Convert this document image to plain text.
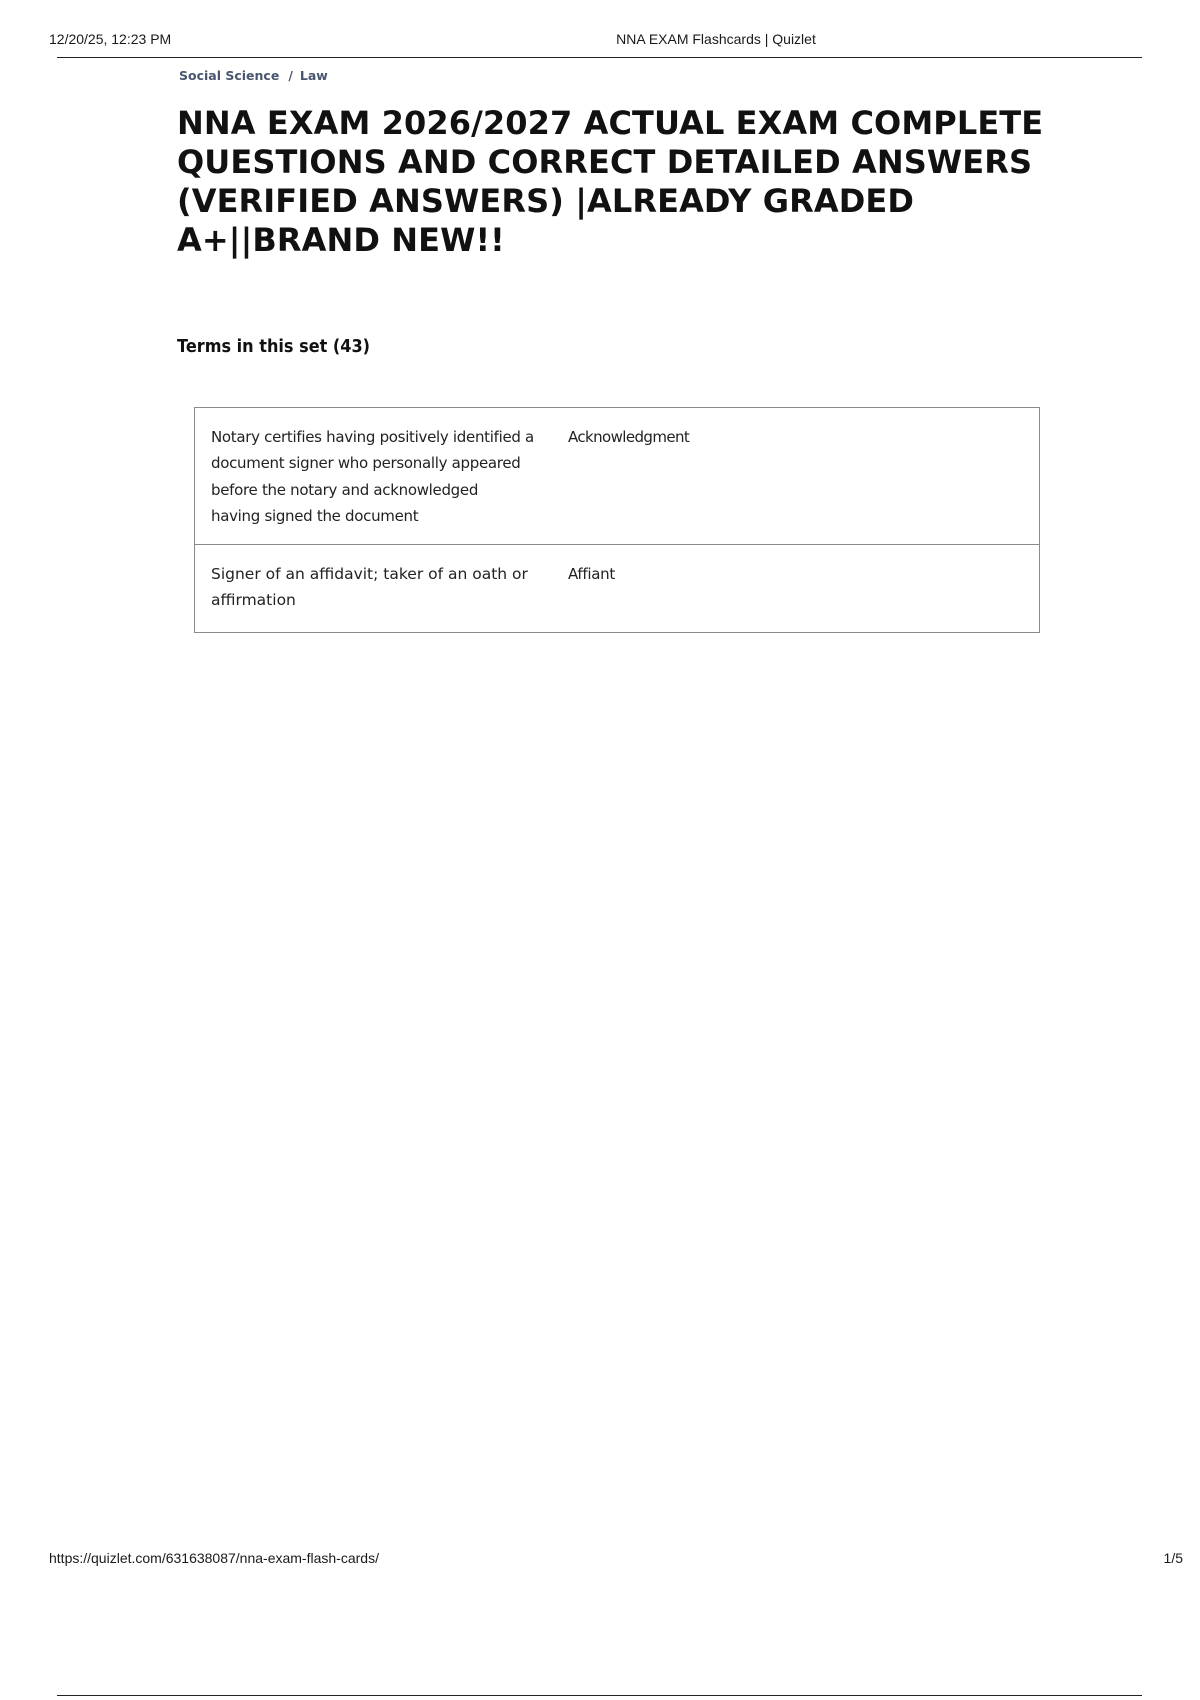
12/20/25, 12:23 PM	NNA EXAM Flashcards | Quizlet
Social Science / Law
NNA EXAM 2026/2027 ACTUAL EXAM COMPLETE QUESTIONS AND CORRECT DETAILED ANSWERS (VERIFIED ANSWERS) |ALREADY GRADED A+||BRAND NEW!!
Terms in this set (43)
Notary certifies having positively identified a
document signer who personally appeared
before the notary and acknowledged
having signed the document
Acknowledgment
Signer of an affidavit; taker of an oath or
affirmation
Affiant
https://quizlet.com/631638087/nna-exam-flash-cards/	1/5
